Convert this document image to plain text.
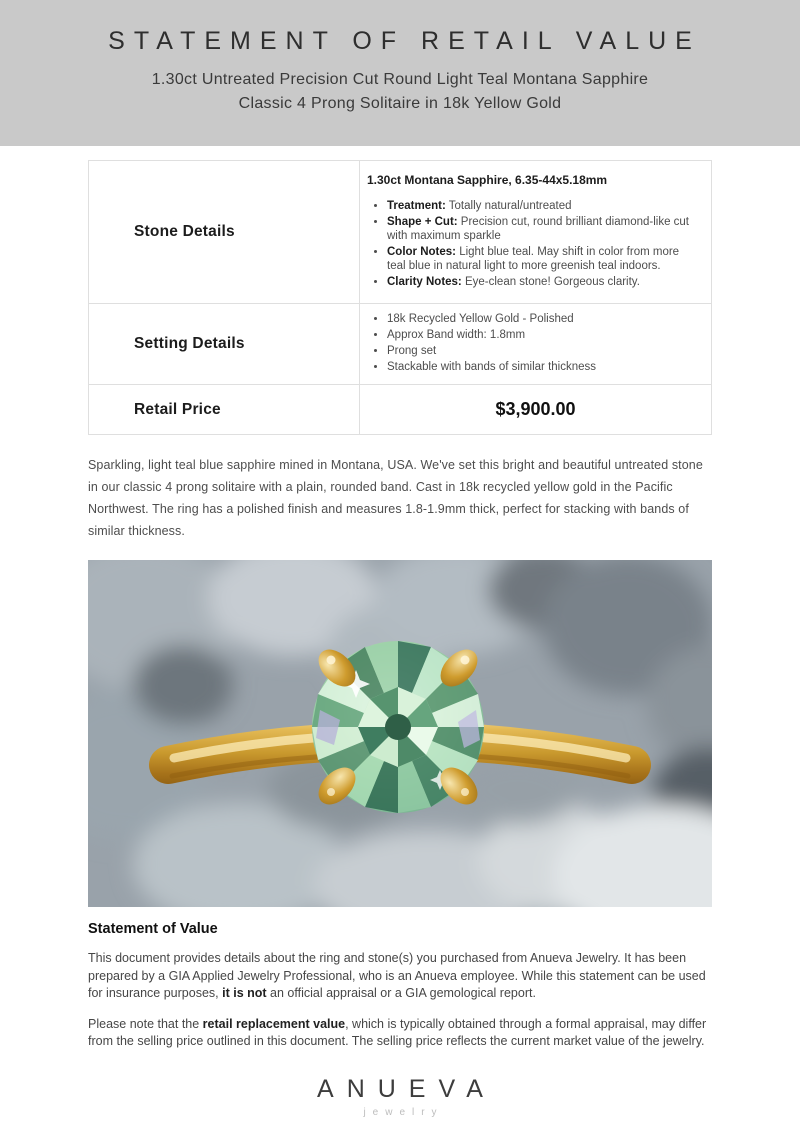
STATEMENT OF RETAIL VALUE
1.30ct Untreated Precision Cut Round Light Teal Montana Sapphire
Classic 4 Prong Solitaire in 18k Yellow Gold
Stone Details	
1.30ct Montana Sapphire, 6.35-44x5.18mm
• Treatment: Totally natural/untreated
• Shape + Cut: Precision cut, round brilliant diamond-like cut with maximum sparkle
• Color Notes: Light blue teal. May shift in color from more teal blue in natural light to more greenish teal indoors.
• Clarity Notes: Eye-clean stone! Gorgeous clarity.

Setting Details	
• 18k Recycled Yellow Gold - Polished
• Approx Band width: 1.8mm
• Prong set
• Stackable with bands of similar thickness

Retail Price	$3,900.00

Sparkling, light teal blue sapphire mined in Montana, USA. We've set this bright and beautiful untreated stone in our classic 4 prong solitaire with a plain, rounded band. Cast in 18k recycled yellow gold in the Pacific Northwest. The ring has a polished finish and measures 1.8-1.9mm thick, perfect for stacking with bands of similar thickness.

Statement of Value

This document provides details about the ring and stone(s) you purchased from Anueva Jewelry. It has been prepared by a GIA Applied Jewelry Professional, who is an Anueva employee. While this statement can be used for insurance purposes, it is not an official appraisal or a GIA gemological report.

Please note that the retail replacement value, which is typically obtained through a formal appraisal, may differ from the selling price outlined in this document. The selling price reflects the current market value of the jewelry.

ANUEVA
jewelry
